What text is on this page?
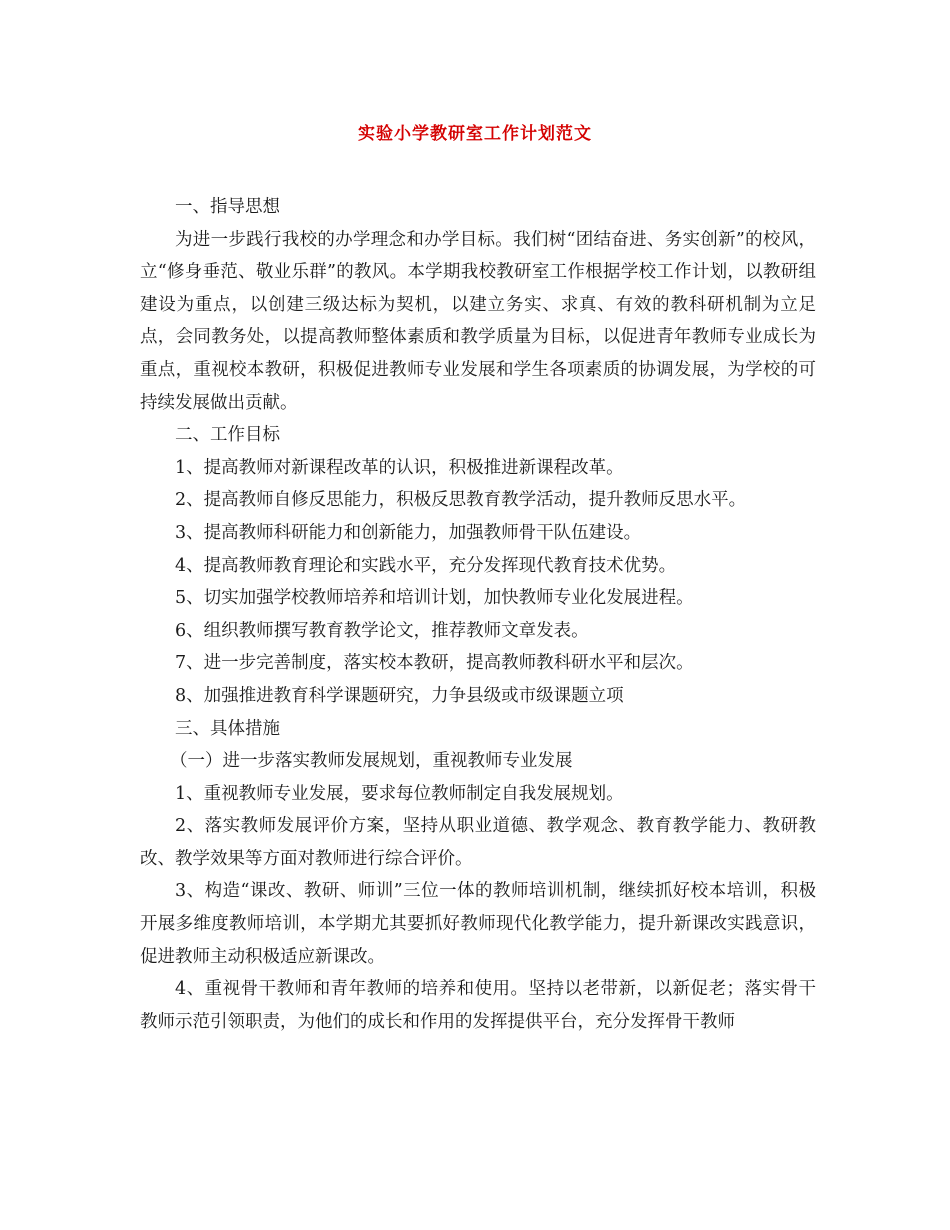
实验小学教研室工作计划范文

一、指导思想

为进一步践行我校的办学理念和办学目标。我们树“团结奋进、务实创新”的校风，立“修身垂范、敬业乐群”的教风。本学期我校教研室工作根据学校工作计划，以教研组建设为重点，以创建三级达标为契机，以建立务实、求真、有效的教科研机制为立足点，会同教务处，以提高教师整体素质和教学质量为目标，以促进青年教师专业成长为重点，重视校本教研，积极促进教师专业发展和学生各项素质的协调发展，为学校的可持续发展做出贡献。

二、工作目标

1、提高教师对新课程改革的认识，积极推进新课程改革。

2、提高教师自修反思能力，积极反思教育教学活动，提升教师反思水平。

3、提高教师科研能力和创新能力，加强教师骨干队伍建设。

4、提高教师教育理论和实践水平，充分发挥现代教育技术优势。

5、切实加强学校教师培养和培训计划，加快教师专业化发展进程。

6、组织教师撰写教育教学论文，推荐教师文章发表。

7、进一步完善制度，落实校本教研，提高教师教科研水平和层次。

8、加强推进教育科学课题研究，力争县级或市级课题立项

三、具体措施

（一）进一步落实教师发展规划，重视教师专业发展

1、重视教师专业发展，要求每位教师制定自我发展规划。

2、落实教师发展评价方案，坚持从职业道德、教学观念、教育教学能力、教研教改、教学效果等方面对教师进行综合评价。

3、构造“课改、教研、师训”三位一体的教师培训机制，继续抓好校本培训，积极开展多维度教师培训，本学期尤其要抓好教师现代化教学能力，提升新课改实践意识，促进教师主动积极适应新课改。

4、重视骨干教师和青年教师的培养和使用。坚持以老带新，以新促老；落实骨干教师示范引领职责，为他们的成长和作用的发挥提供平台，充分发挥骨干教师
